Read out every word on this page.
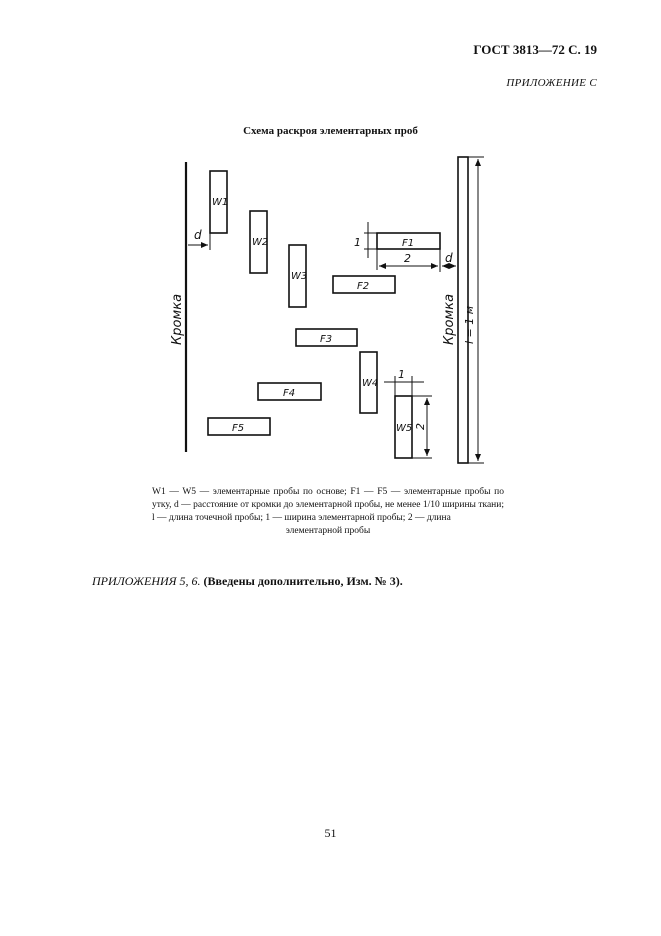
ГОСТ 3813—72 С. 19
ПРИЛОЖЕНИЕ С
Схема раскроя элементарных проб
Кромка	Кромка l = 1 м
d
W1
W2
W3
W4
W5
F1
F2
F3
F4
F5
1
2	d
1
2
W1 — W5 — элементарные пробы по основе; F1 — F5 — элементарные пробы по утку, d — расстояние от кромки до элементарной пробы, не менее 1/10 ширины ткани; l — длина точечной пробы; 1 — ширина элементарной пробы; 2 — длина
элементарной пробы
ПРИЛОЖЕНИЯ 5, 6. (Введены дополнительно, Изм. № 3).
51
